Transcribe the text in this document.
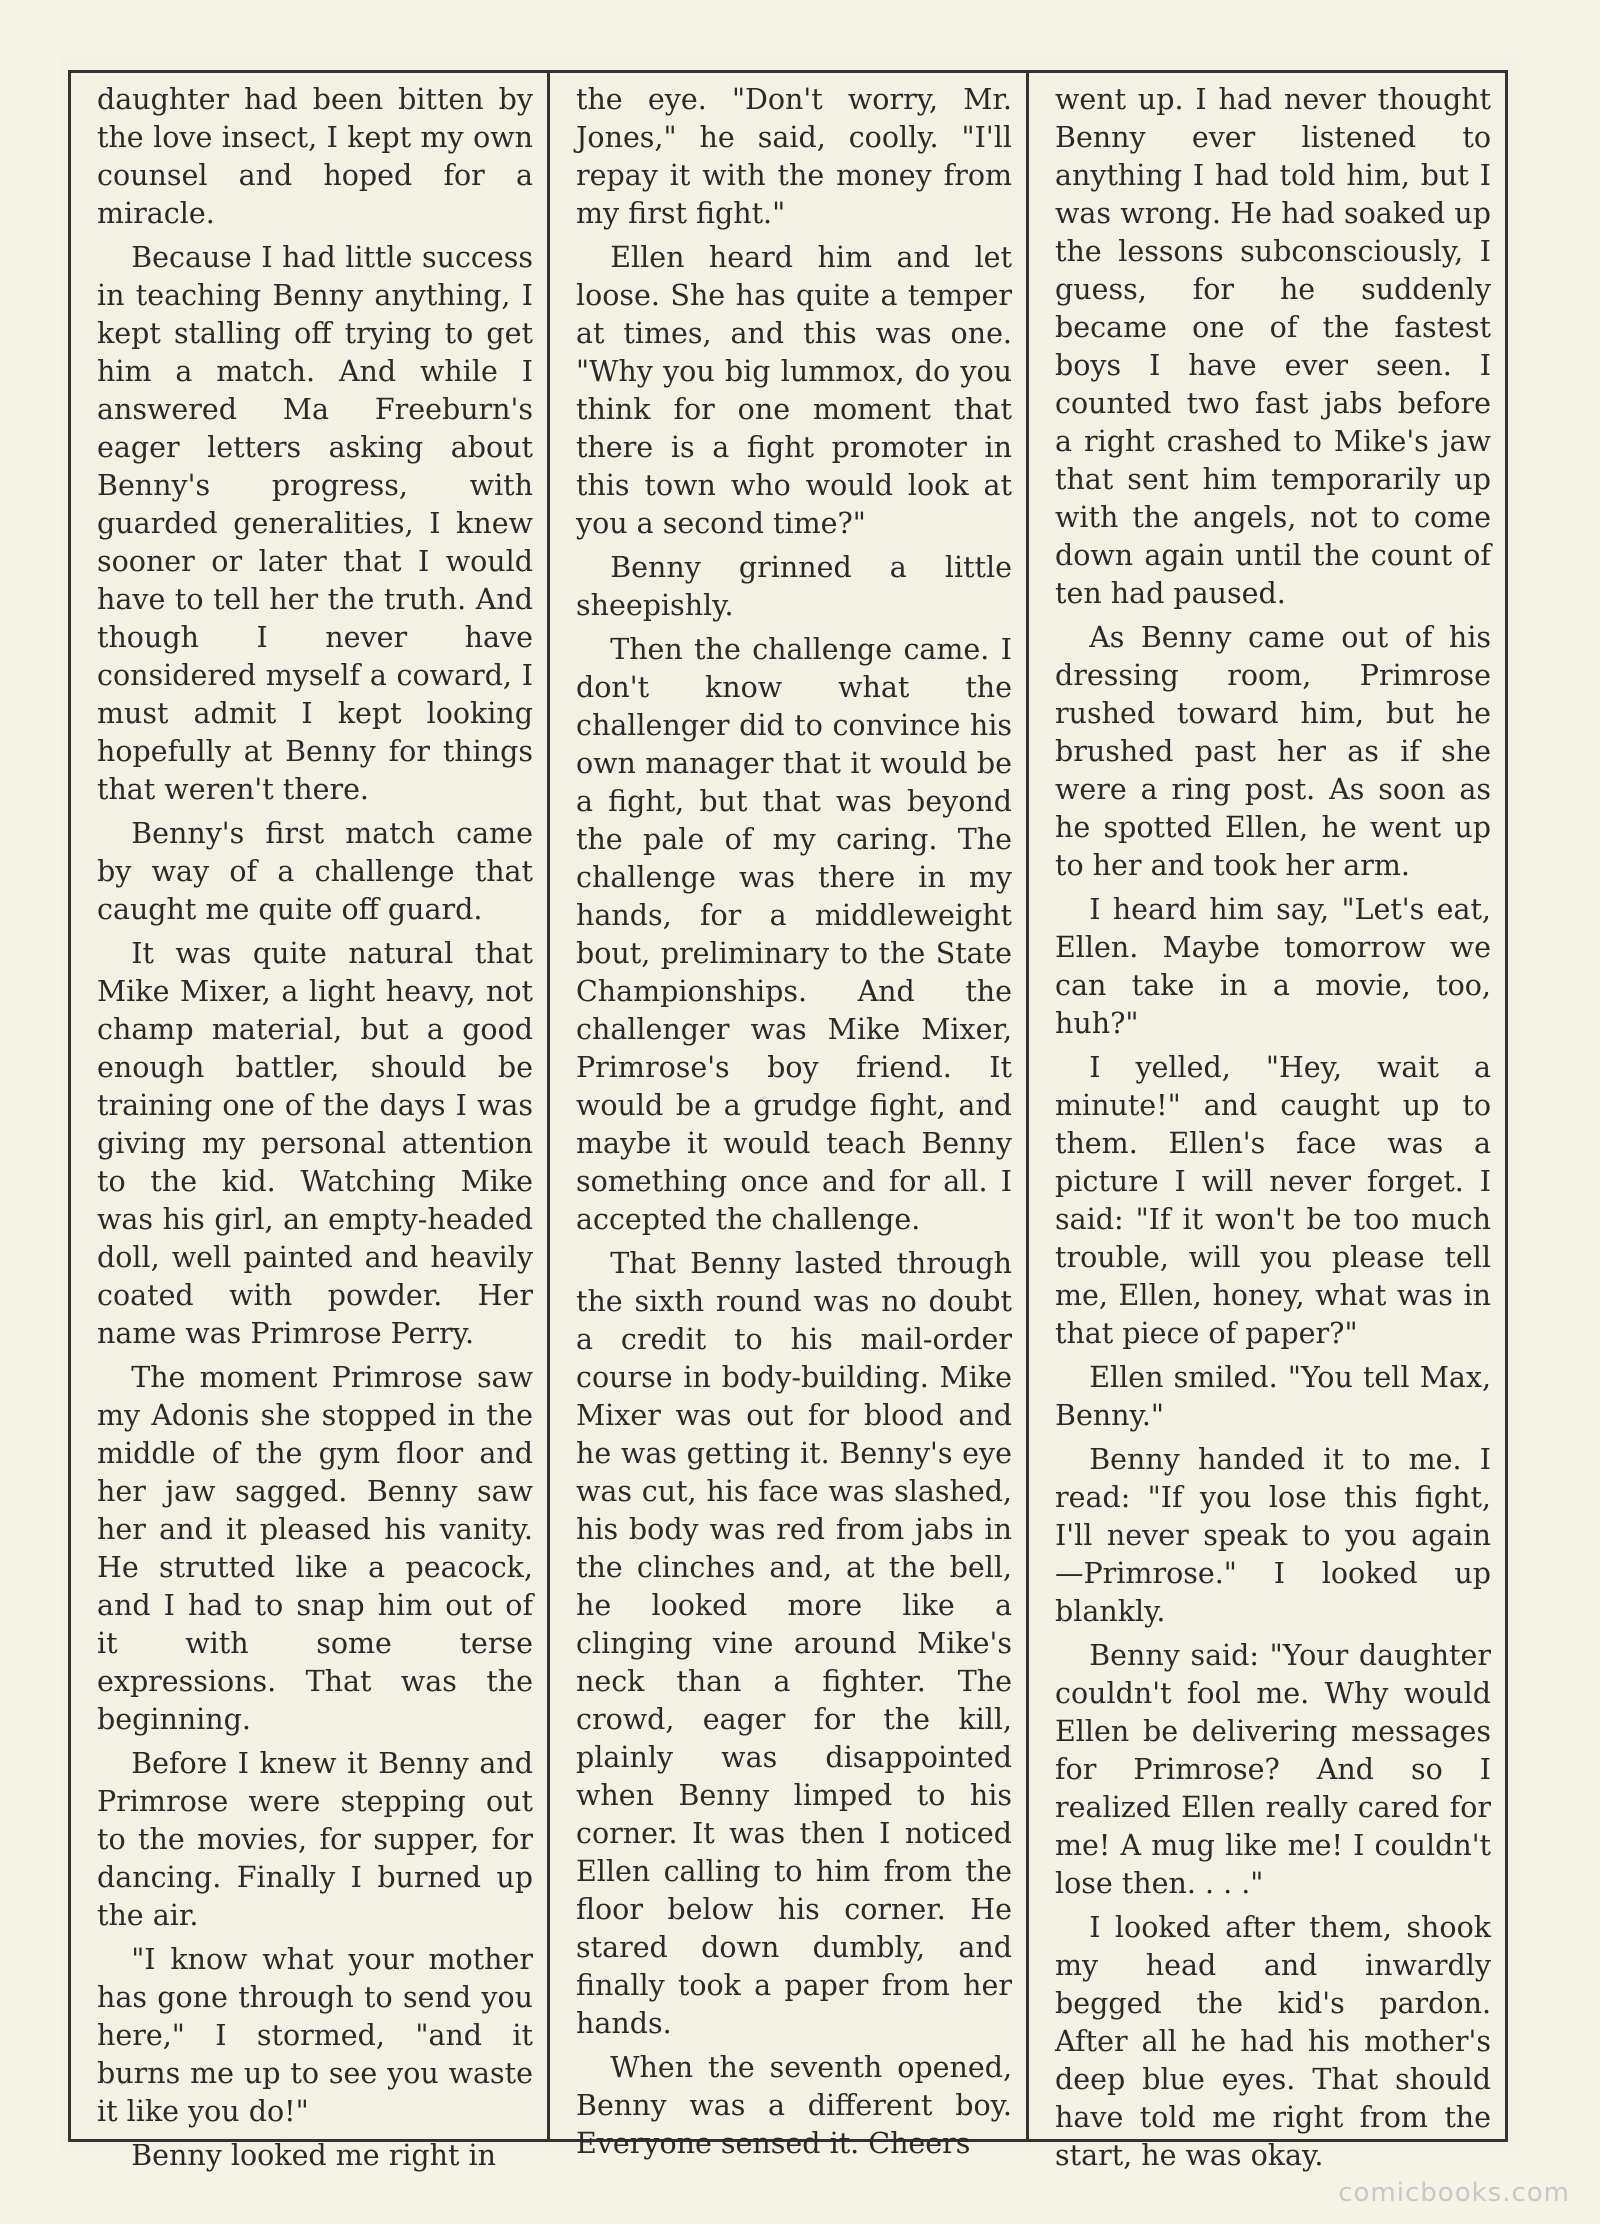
daughter had been bitten by the love insect, I kept my own counsel and hoped for a miracle.

Because I had little success in teaching Benny anything, I kept stalling off trying to get him a match. And while I answered Ma Freeburn's eager letters asking about Benny's progress, with guarded generalities, I knew sooner or later that I would have to tell her the truth. And though I never have considered myself a coward, I must admit I kept looking hopefully at Benny for things that weren't there.

Benny's first match came by way of a challenge that caught me quite off guard.

It was quite natural that Mike Mixer, a light heavy, not champ material, but a good enough battler, should be training one of the days I was giving my personal attention to the kid. Watching Mike was his girl, an empty-headed doll, well painted and heavily coated with powder. Her name was Primrose Perry.

The moment Primrose saw my Adonis she stopped in the middle of the gym floor and her jaw sagged. Benny saw her and it pleased his vanity. He strutted like a peacock, and I had to snap him out of it with some terse expressions. That was the beginning.

Before I knew it Benny and Primrose were stepping out to the movies, for supper, for dancing. Finally I burned up the air.

"I know what your mother has gone through to send you here," I stormed, "and it burns me up to see you waste it like you do!"

Benny looked me right in

the eye. "Don't worry, Mr. Jones," he said, coolly. "I'll repay it with the money from my first fight."

Ellen heard him and let loose. She has quite a temper at times, and this was one. "Why you big lummox, do you think for one moment that there is a fight promoter in this town who would look at you a second time?"

Benny grinned a little sheepishly.

Then the challenge came. I don't know what the challenger did to convince his own manager that it would be a fight, but that was beyond the pale of my caring. The challenge was there in my hands, for a middleweight bout, preliminary to the State Championships. And the challenger was Mike Mixer, Primrose's boy friend. It would be a grudge fight, and maybe it would teach Benny something once and for all. I accepted the challenge.

That Benny lasted through the sixth round was no doubt a credit to his mail-order course in body-building. Mike Mixer was out for blood and he was getting it. Benny's eye was cut, his face was slashed, his body was red from jabs in the clinches and, at the bell, he looked more like a clinging vine around Mike's neck than a fighter. The crowd, eager for the kill, plainly was disappointed when Benny limped to his corner. It was then I noticed Ellen calling to him from the floor below his corner. He stared down dumbly, and finally took a paper from her hands.

When the seventh opened, Benny was a different boy. Everyone sensed it. Cheers

went up. I had never thought Benny ever listened to anything I had told him, but I was wrong. He had soaked up the lessons subconsciously, I guess, for he suddenly became one of the fastest boys I have ever seen. I counted two fast jabs before a right crashed to Mike's jaw that sent him temporarily up with the angels, not to come down again until the count of ten had paused.

As Benny came out of his dressing room, Primrose rushed toward him, but he brushed past her as if she were a ring post. As soon as he spotted Ellen, he went up to her and took her arm.

I heard him say, "Let's eat, Ellen. Maybe tomorrow we can take in a movie, too, huh?"

I yelled, "Hey, wait a minute!" and caught up to them. Ellen's face was a picture I will never forget. I said: "If it won't be too much trouble, will you please tell me, Ellen, honey, what was in that piece of paper?"

Ellen smiled. "You tell Max, Benny."

Benny handed it to me. I read: "If you lose this fight, I'll never speak to you again —Primrose." I looked up blankly.

Benny said: "Your daughter couldn't fool me. Why would Ellen be delivering messages for Primrose? And so I realized Ellen really cared for me! A mug like me! I couldn't lose then. . . ."

I looked after them, shook my head and inwardly begged the kid's pardon. After all he had his mother's deep blue eyes. That should have told me right from the start, he was okay.

comicbooks.com
